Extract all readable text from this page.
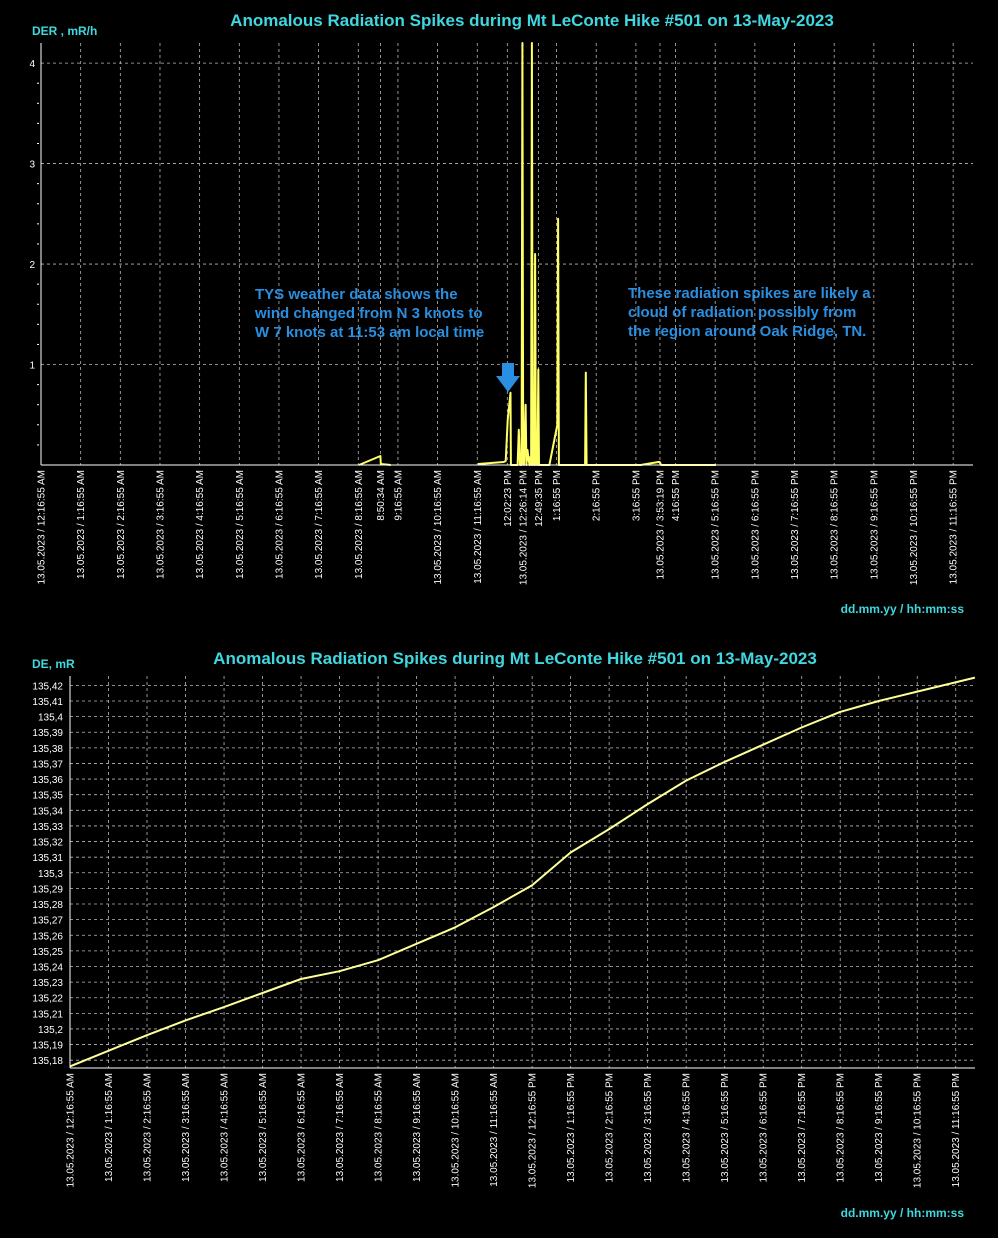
Anomalous Radiation Spikes during Mt LeConte Hike #501 on 13-May-2023
DER , mR/h
dd.mm.yy / hh:mm:ss
1
2
3
4
13.05.2023 / 12:16:55 AM	13.05.2023 / 1:16:55 AM	13.05.2023 / 2:16:55 AM	13.05.2023 / 3:16:55 AM	13.05.2023 / 4:16:55 AM	13.05.2023 / 5:16:55 AM	13.05.2023 / 6:16:55 AM	13.05.2023 / 7:16:55 AM	13.05.2023 / 8:16:55 AM 8:50:34 AM 9:16:55 AM	13.05.2023 / 10:16:55 AM	13.05.2023 / 11:16:55 AM 12:02:23 PM 13.05.2023 / 12:26:14 PM 12:49:35 PM 1:16:55 PM	2:16:55 PM	3:16:55 PM 13.05.2023 / 3:53:19 PM 4:16:55 PM	13.05.2023 / 5:16:55 PM	13.05.2023 / 6:16:55 PM	13.05.2023 / 7:16:55 PM	13.05.2023 / 8:16:55 PM	13.05.2023 / 9:16:55 PM	13.05.2023 / 10:16:55 PM	13.05.2023 / 11:16:55 PM
TYS weather data shows the wind changed from N 3 knots to W 7 knots at 11:53 am local time
These radiation spikes are likely a cloud of radiation possibly from the region around Oak Ridge, TN.
Anomalous Radiation Spikes during Mt LeConte Hike #501 on 13-May-2023
DE, mR
dd.mm.yy / hh:mm:ss
135,18
135,19
135,2
135,21
135,22
135,23
135,24
135,25
135,26
135,27
135,28
135,29
135,3
135,31
135,32
135,33
135,34
135,35
135,36
135,37
135,38
135,39
135,4
135,41
135,42
13.05.2023 / 12:16:55 AM	13.05.2023 / 1:16:55 AM	13.05.2023 / 2:16:55 AM	13.05.2023 / 3:16:55 AM	13.05.2023 / 4:16:55 AM	13.05.2023 / 5:16:55 AM	13.05.2023 / 6:16:55 AM	13.05.2023 / 7:16:55 AM	13.05.2023 / 8:16:55 AM	13.05.2023 / 9:16:55 AM	13.05.2023 / 10:16:55 AM	13.05.2023 / 11:16:55 AM	13.05.2023 / 12:16:55 PM	13.05.2023 / 1:16:55 PM	13.05.2023 / 2:16:55 PM	13.05.2023 / 3:16:55 PM	13.05.2023 / 4:16:55 PM	13.05.2023 / 5:16:55 PM	13.05.2023 / 6:16:55 PM	13.05.2023 / 7:16:55 PM	13.05.2023 / 8:16:55 PM	13.05.2023 / 9:16:55 PM	13.05.2023 / 10:16:55 PM	13.05.2023 / 11:16:55 PM
